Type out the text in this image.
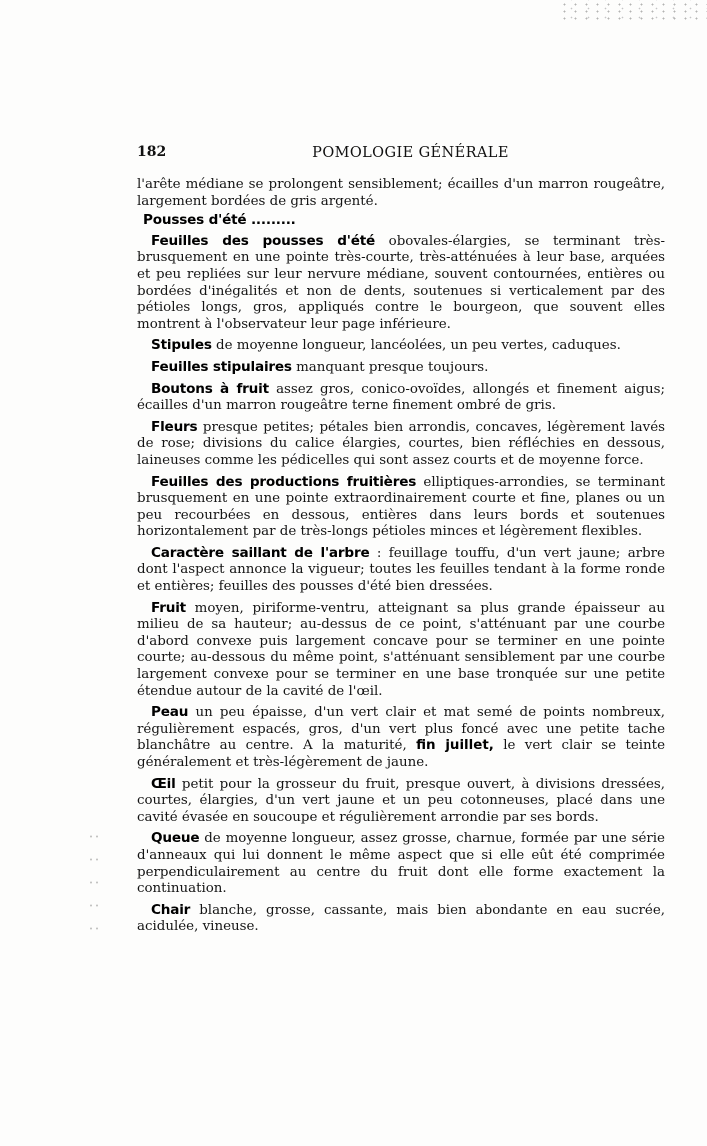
182	POMOLOGIE GÉNÉRALE

l'arête médiane se prolongent sensiblement; écailles d'un marron rougeâtre, largement bordées de gris argenté.

Pousses d'été .........

Feuilles des pousses d'été obovales-élargies, se terminant très-brusquement en une pointe très-courte, très-atténuées à leur base, arquées et peu repliées sur leur nervure médiane, souvent contournées, entières ou bordées d'inégalités et non de dents, soutenues si verticalement par des pétioles longs, gros, appliqués contre le bourgeon, que souvent elles montrent à l'observateur leur page inférieure.

Stipules de moyenne longueur, lancéolées, un peu vertes, caduques.

Feuilles stipulaires manquant presque toujours.

Boutons à fruit assez gros, conico-ovoïdes, allongés et finement aigus; écailles d'un marron rougeâtre terne finement ombré de gris.

Fleurs presque petites; pétales bien arrondis, concaves, légèrement lavés de rose; divisions du calice élargies, courtes, bien réfléchies en dessous, laineuses comme les pédicelles qui sont assez courts et de moyenne force.

Feuilles des productions fruitières elliptiques-arrondies, se terminant brusquement en une pointe extraordinairement courte et fine, planes ou un peu recourbées en dessous, entières dans leurs bords et soutenues horizontalement par de très-longs pétioles minces et légèrement flexibles.

Caractère saillant de l'arbre : feuillage touffu, d'un vert jaune; arbre dont l'aspect annonce la vigueur; toutes les feuilles tendant à la forme ronde et entières; feuilles des pousses d'été bien dressées.

Fruit moyen, piriforme-ventru, atteignant sa plus grande épaisseur au milieu de sa hauteur; au-dessus de ce point, s'atténuant par une courbe d'abord convexe puis largement concave pour se terminer en une pointe courte; au-dessous du même point, s'atténuant sensiblement par une courbe largement convexe pour se terminer en une base tronquée sur une petite étendue autour de la cavité de l'œil.

Peau un peu épaisse, d'un vert clair et mat semé de points nombreux, régulièrement espacés, gros, d'un vert plus foncé avec une petite tache blanchâtre au centre. A la maturité, fin juillet, le vert clair se teinte généralement et très-légèrement de jaune.

Œil petit pour la grosseur du fruit, presque ouvert, à divisions dressées, courtes, élargies, d'un vert jaune et un peu cotonneuses, placé dans une cavité évasée en soucoupe et régulièrement arrondie par ses bords.

Queue de moyenne longueur, assez grosse, charnue, formée par une série d'anneaux qui lui donnent le même aspect que si elle eût été comprimée perpendiculairement au centre du fruit dont elle forme exactement la continuation.

Chair blanche, grosse, cassante, mais bien abondante en eau sucrée, acidulée, vineuse.
